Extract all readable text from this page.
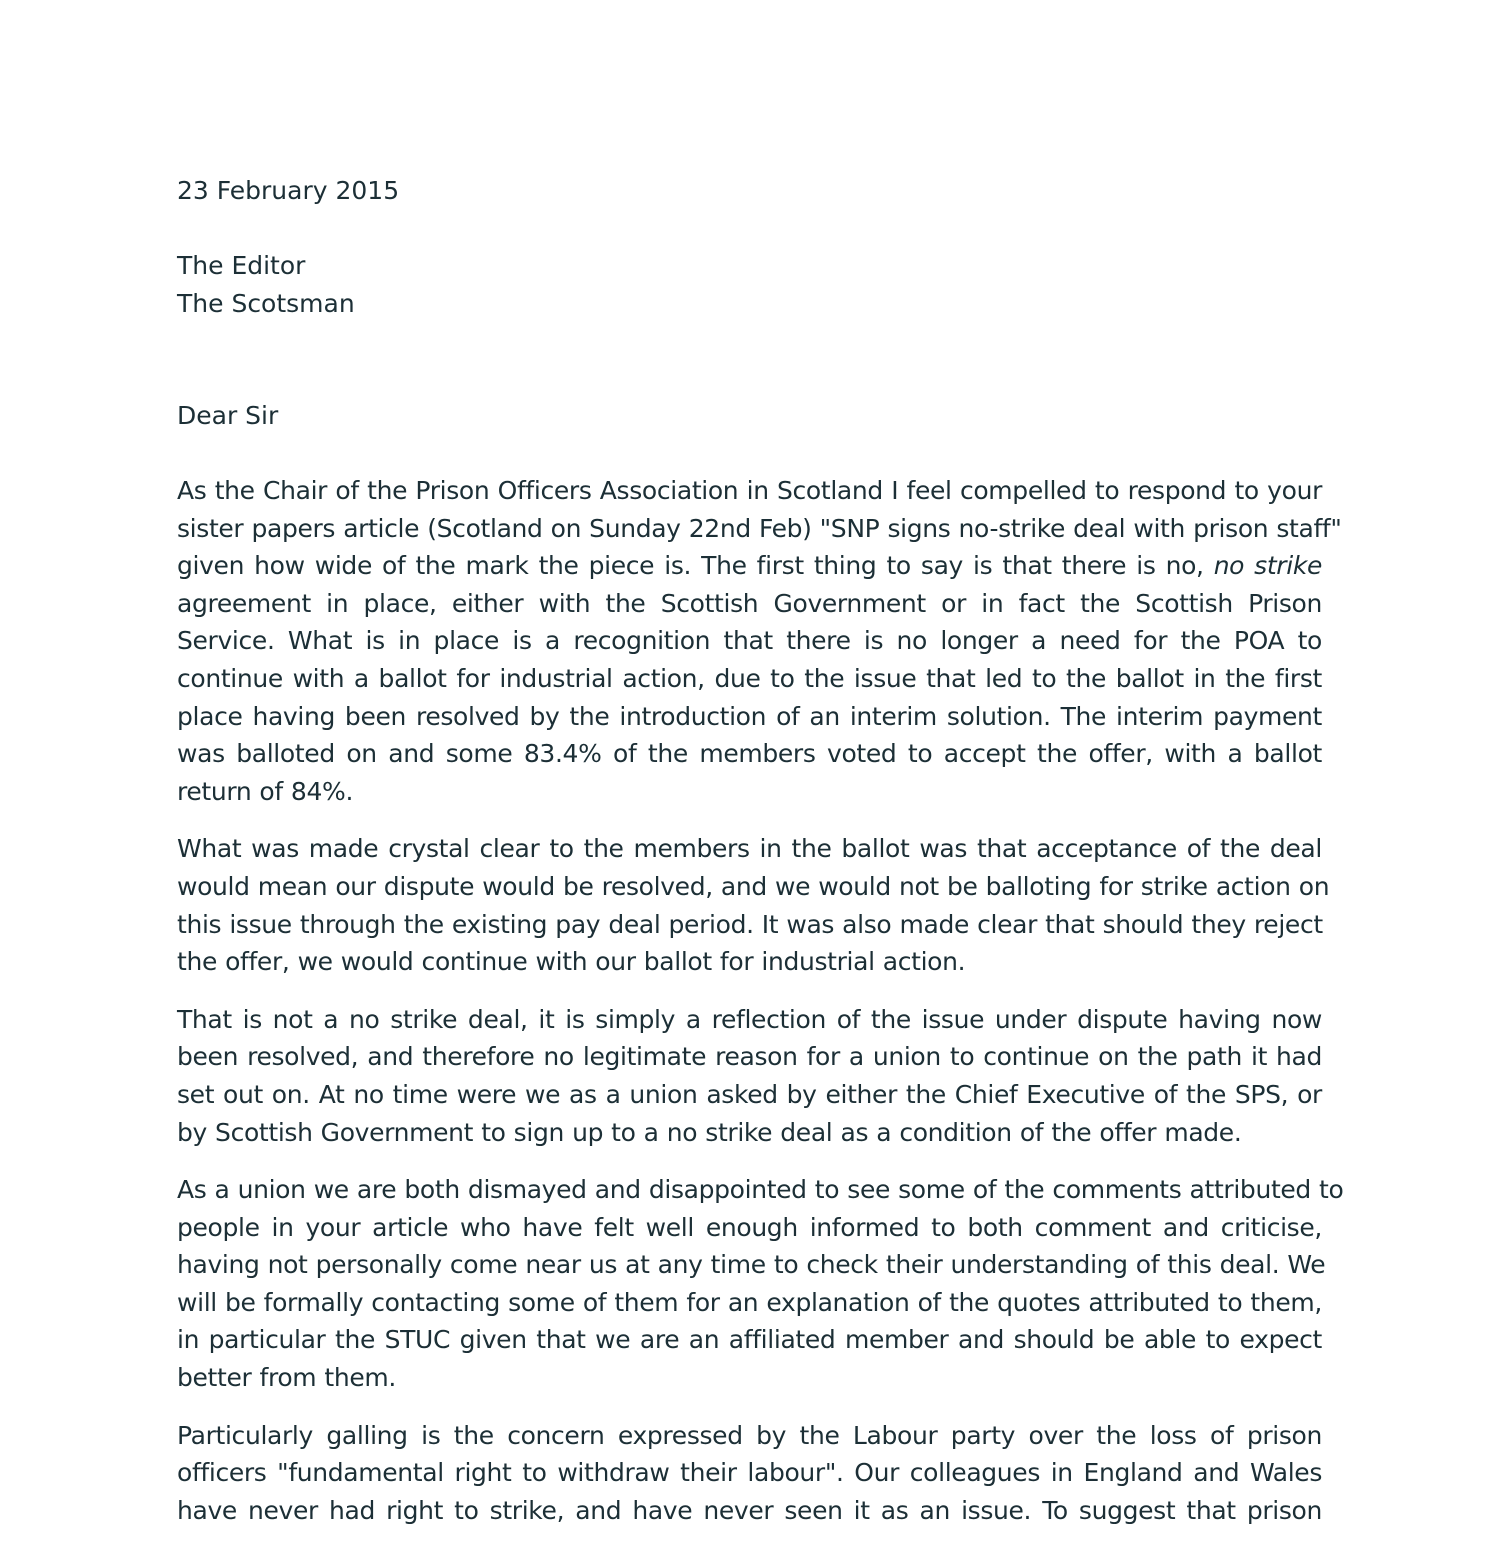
23 February 2015

The Editor

The Scotsman

Dear Sir

As the Chair of the Prison Officers Association in Scotland I feel compelled to respond to your
sister papers article (Scotland on Sunday 22nd Feb) "SNP signs no-strike deal with prison staff"
given how wide of the mark the piece is. The first thing to say is that there is no, no strike
agreement in place, either with the Scottish Government or in fact the Scottish Prison
Service. What is in place is a recognition that there is no longer a need for the POA to
continue with a ballot for industrial action, due to the issue that led to the ballot in the first
place having been resolved by the introduction of an interim solution. The interim payment
was balloted on and some 83.4% of the members voted to accept the offer, with a ballot
return of 84%.
What was made crystal clear to the members in the ballot was that acceptance of the deal
would mean our dispute would be resolved, and we would not be balloting for strike action on
this issue through the existing pay deal period. It was also made clear that should they reject
the offer, we would continue with our ballot for industrial action.
That is not a no strike deal, it is simply a reflection of the issue under dispute having now
been resolved, and therefore no legitimate reason for a union to continue on the path it had
set out on. At no time were we as a union asked by either the Chief Executive of the SPS, or
by Scottish Government to sign up to a no strike deal as a condition of the offer made.
As a union we are both dismayed and disappointed to see some of the comments attributed to
people in your article who have felt well enough informed to both comment and criticise,
having not personally come near us at any time to check their understanding of this deal. We
will be formally contacting some of them for an explanation of the quotes attributed to them,
in particular the STUC given that we are an affiliated member and should be able to expect
better from them.
Particularly galling is the concern expressed by the Labour party over the loss of prison
officers "fundamental right to withdraw their labour". Our colleagues in England and Wales
have never had right to strike, and have never seen it as an issue. To suggest that prison
